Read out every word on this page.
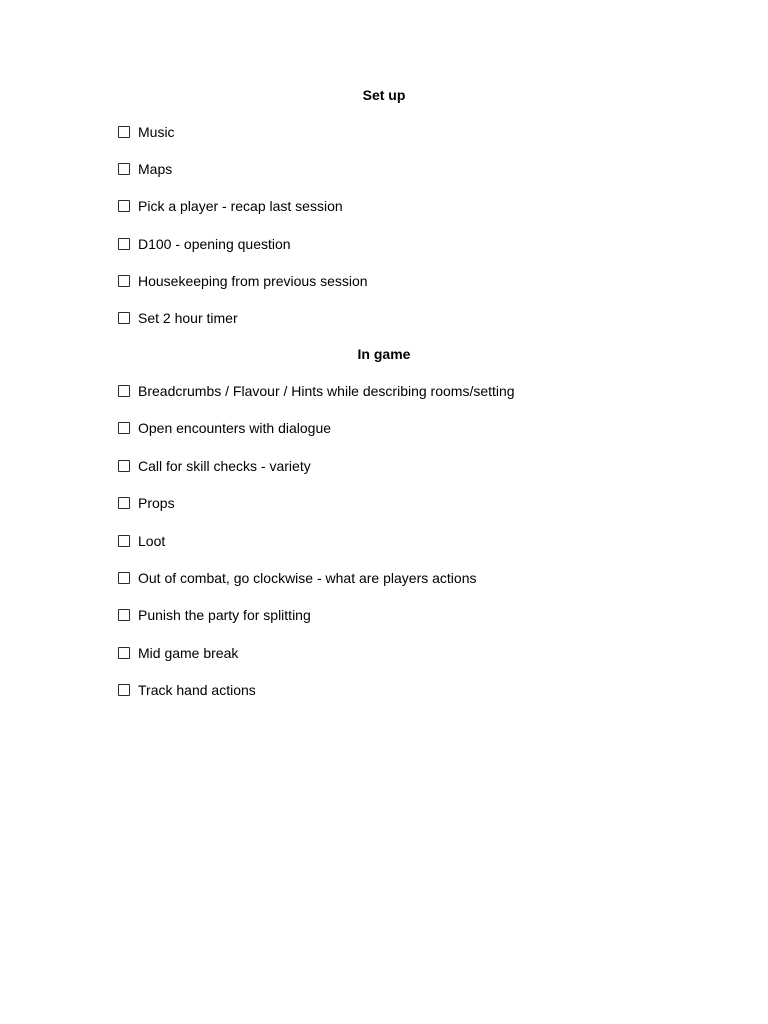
Set up
Music
Maps
Pick a player - recap last session
D100 - opening question
Housekeeping from previous session
Set 2 hour timer
In game
Breadcrumbs / Flavour / Hints while describing rooms/setting
Open encounters with dialogue
Call for skill checks - variety
Props
Loot
Out of combat, go clockwise - what are players actions
Punish the party for splitting
Mid game break
Track hand actions
